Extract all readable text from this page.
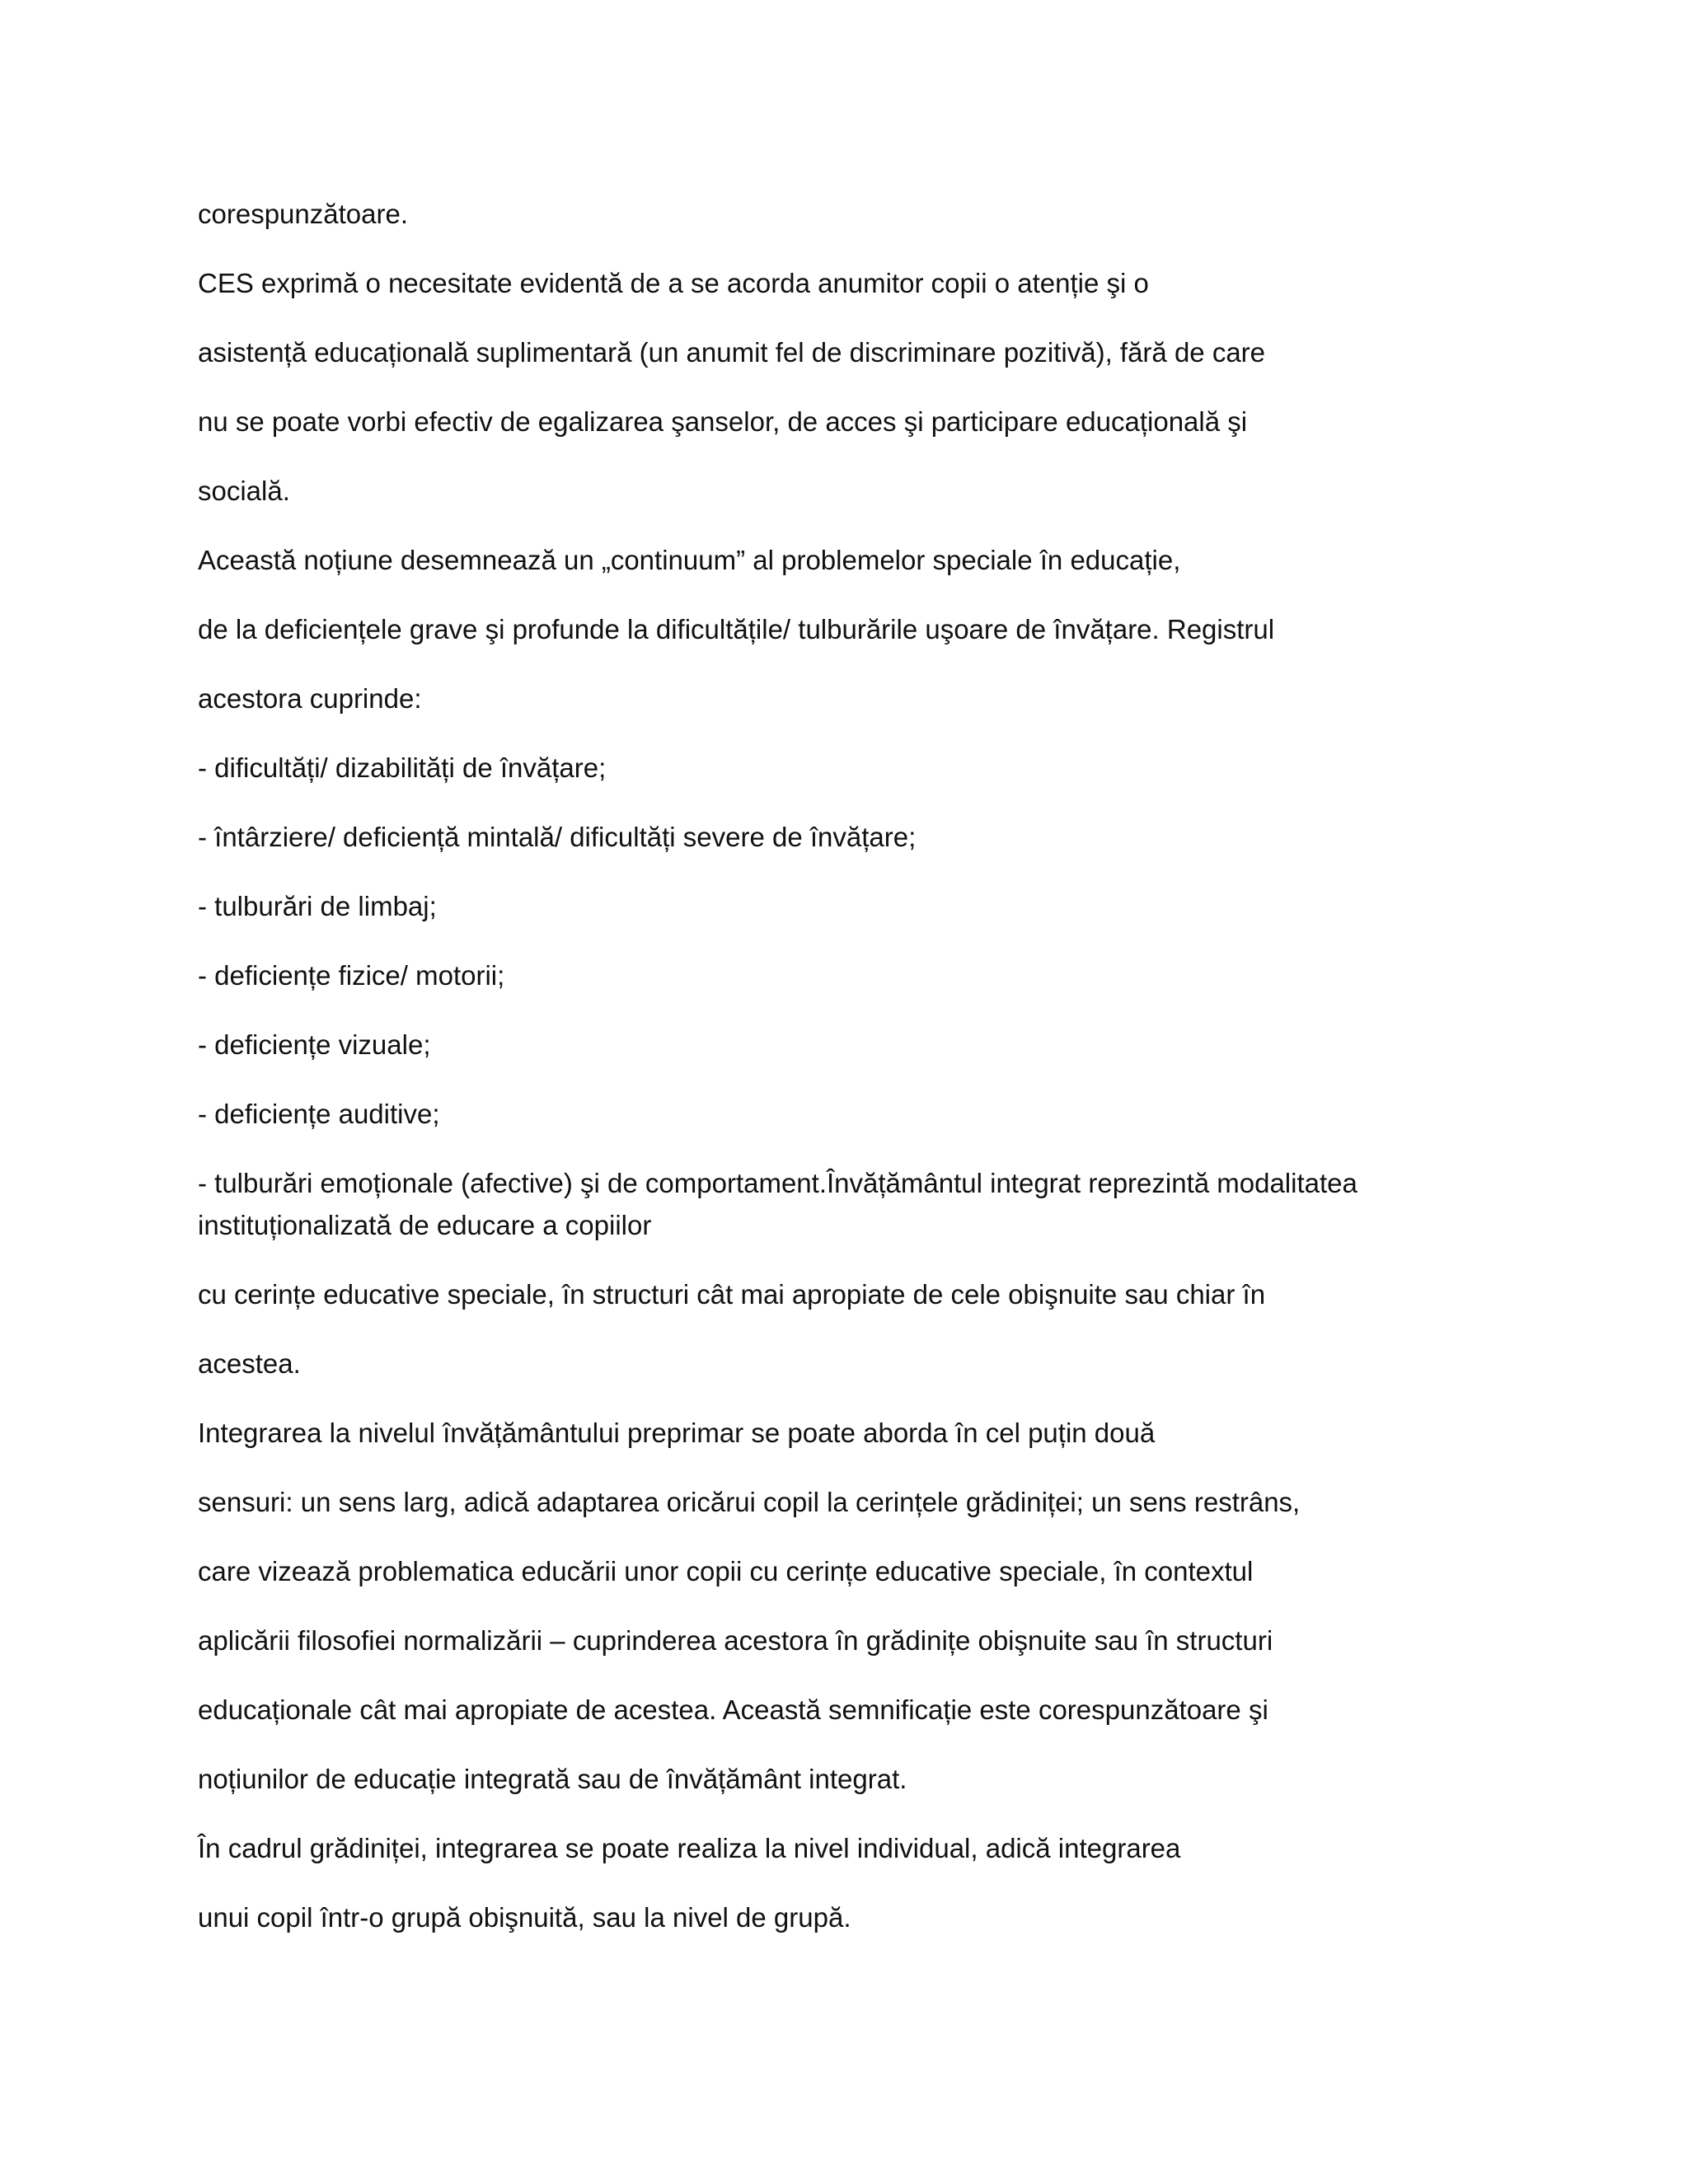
corespunzătoare.

CES exprimă o necesitate evidentă de a se acorda anumitor copii o atenție şi o

asistență educațională suplimentară (un anumit fel de discriminare pozitivă), fără de care

nu se poate vorbi efectiv de egalizarea şanselor, de acces şi participare educațională şi

socială.

Această noțiune desemnează un „continuum” al problemelor speciale în educație,

de la deficiențele grave şi profunde la dificultățile/ tulburările uşoare de învățare. Registrul

acestora cuprinde:

- dificultăți/ dizabilități de învățare;

- întârziere/ deficiență mintală/ dificultăți severe de învățare;

- tulburări de limbaj;

- deficiențe fizice/ motorii;

- deficiențe vizuale;

- deficiențe auditive;

- tulburări emoționale (afective) şi de comportament.Învățământul integrat reprezintă modalitatea

instituționalizată de educare a copiilor

cu cerințe educative speciale, în structuri cât mai apropiate de cele obişnuite sau chiar în

acestea.

Integrarea la nivelul învățământului preprimar se poate aborda în cel puțin două

sensuri: un sens larg, adică adaptarea oricărui copil la cerințele grădiniței; un sens restrâns,

care vizează problematica educării unor copii cu cerințe educative speciale, în contextul

aplicării filosofiei normalizării – cuprinderea acestora în grădinițe obişnuite sau în structuri

educaționale cât mai apropiate de acestea. Această semnificație este corespunzătoare şi

noțiunilor de educație integrată sau de învățământ integrat.

În cadrul grădiniței, integrarea se poate realiza la nivel individual, adică integrarea

unui copil într-o grupă obişnuită, sau la nivel de grupă.
